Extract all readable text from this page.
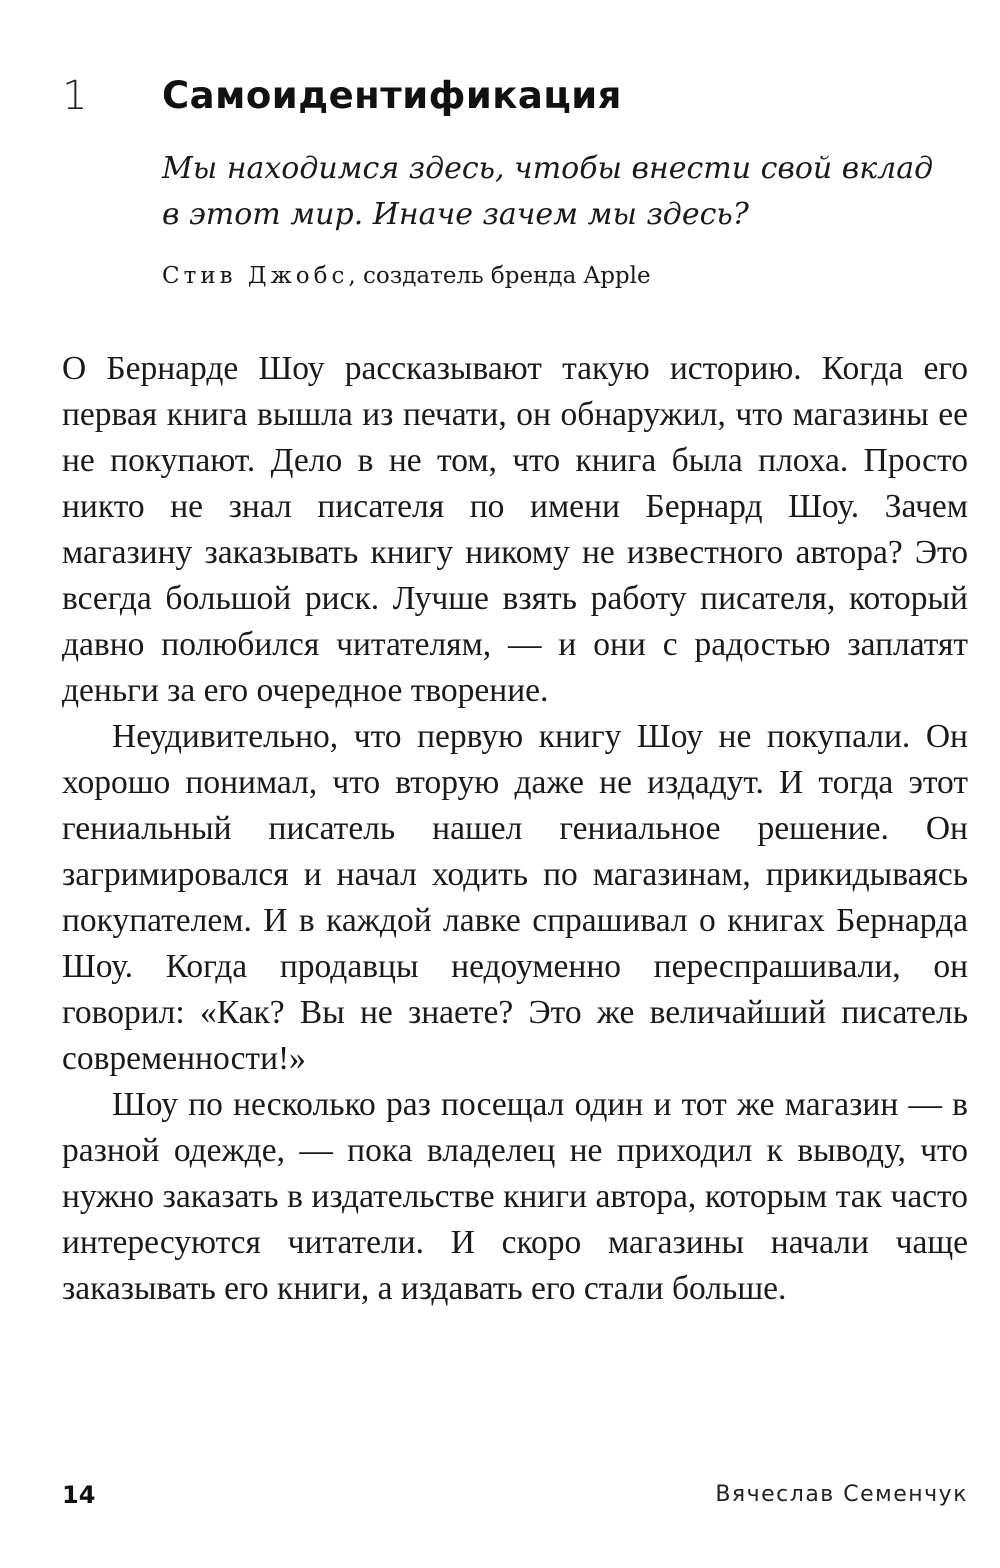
1 Самоидентификация

Мы находимся здесь, чтобы внести свой вклад
в этот мир. Иначе зачем мы здесь?

Стив Джобс, создатель бренда Apple

О Бернарде Шоу рассказывают такую историю. Когда его первая книга вышла из печати, он обнаружил, что магазины ее не покупают. Дело в не том, что книга была плоха. Просто никто не знал писателя по имени Бернард Шоу. Зачем магазину заказывать книгу никому не известного автора? Это всегда большой риск. Лучше взять работу писателя, который давно полюбился читателям, — и они с радостью заплатят деньги за его очередное творение.

Неудивительно, что первую книгу Шоу не покупали. Он хорошо понимал, что вторую даже не издадут. И тогда этот гениальный писатель нашел гениальное решение. Он загримировался и начал ходить по магазинам, прикидываясь покупателем. И в каждой лавке спрашивал о книгах Бернарда Шоу. Когда продавцы недоуменно переспрашивали, он говорил: «Как? Вы не знаете? Это же величайший писатель современности!»

Шоу по несколько раз посещал один и тот же магазин — в разной одежде, — пока владелец не приходил к выводу, что нужно заказать в издательстве книги автора, которым так часто интересуются читатели. И скоро магазины начали чаще заказывать его книги, а издавать его стали больше.

14	Вячеслав Семенчук
